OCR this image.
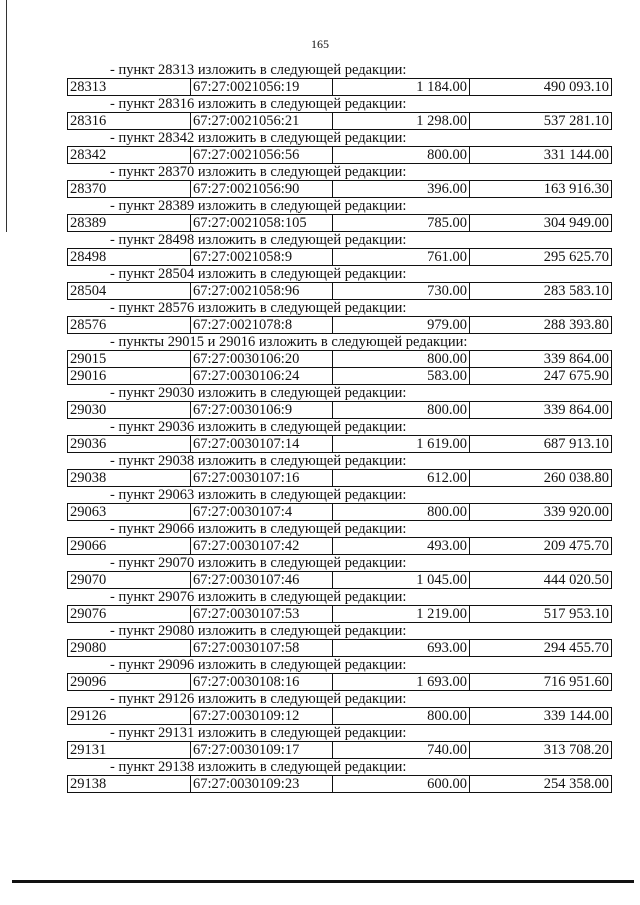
165
- пункт 28313 изложить в следующей редакции:
28313	67:27:0021056:19	1 184.00	490 093.10
- пункт 28316 изложить в следующей редакции:
28316	67:27:0021056:21	1 298.00	537 281.10
- пункт 28342 изложить в следующей редакции:
28342	67:27:0021056:56	800.00	331 144.00
- пункт 28370 изложить в следующей редакции:
28370	67:27:0021056:90	396.00	163 916.30
- пункт 28389 изложить в следующей редакции:
28389	67:27:0021058:105	785.00	304 949.00
- пункт 28498 изложить в следующей редакции:
28498	67:27:0021058:9	761.00	295 625.70
- пункт 28504 изложить в следующей редакции:
28504	67:27:0021058:96	730.00	283 583.10
- пункт 28576 изложить в следующей редакции:
28576	67:27:0021078:8	979.00	288 393.80
- пункты 29015 и 29016 изложить в следующей редакции:
29015	67:27:0030106:20	800.00	339 864.00
29016	67:27:0030106:24	583.00	247 675.90
- пункт 29030 изложить в следующей редакции:
29030	67:27:0030106:9	800.00	339 864.00
- пункт 29036 изложить в следующей редакции:
29036	67:27:0030107:14	1 619.00	687 913.10
- пункт 29038 изложить в следующей редакции:
29038	67:27:0030107:16	612.00	260 038.80
- пункт 29063 изложить в следующей редакции:
29063	67:27:0030107:4	800.00	339 920.00
- пункт 29066 изложить в следующей редакции:
29066	67:27:0030107:42	493.00	209 475.70
- пункт 29070 изложить в следующей редакции:
29070	67:27:0030107:46	1 045.00	444 020.50
- пункт 29076 изложить в следующей редакции:
29076	67:27:0030107:53	1 219.00	517 953.10
- пункт 29080 изложить в следующей редакции:
29080	67:27:0030107:58	693.00	294 455.70
- пункт 29096 изложить в следующей редакции:
29096	67:27:0030108:16	1 693.00	716 951.60
- пункт 29126 изложить в следующей редакции:
29126	67:27:0030109:12	800.00	339 144.00
- пункт 29131 изложить в следующей редакции:
29131	67:27:0030109:17	740.00	313 708.20
- пункт 29138 изложить в следующей редакции:
29138	67:27:0030109:23	600.00	254 358.00
